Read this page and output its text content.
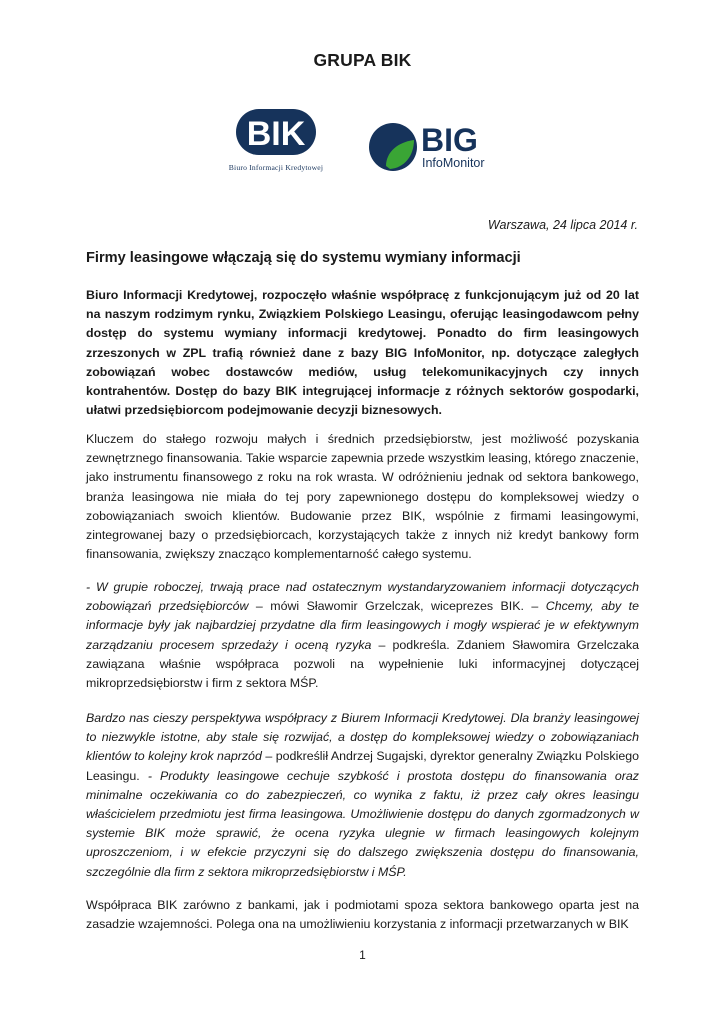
GRUPA BIK
BIK
Biuro Informacji Kredytowej
BIG
InfoMonitor
Warszawa, 24 lipca 2014 r.
Firmy leasingowe włączają się do systemu wymiany informacji

Biuro Informacji Kredytowej, rozpoczęło właśnie współpracę z funkcjonującym już od 20 lat na naszym rodzimym rynku, Związkiem Polskiego Leasingu, oferując leasingodawcom pełny dostęp do systemu wymiany informacji kredytowej. Ponadto do firm leasingowych zrzeszonych w ZPL trafią również dane z bazy BIG InfoMonitor, np. dotyczące zaległych zobowiązań wobec dostawców mediów, usług telekomunikacyjnych czy innych kontrahentów. Dostęp do bazy BIK integrującej informacje z różnych sektorów gospodarki, ułatwi przedsiębiorcom podejmowanie decyzji biznesowych.

Kluczem do stałego rozwoju małych i średnich przedsiębiorstw, jest możliwość pozyskania zewnętrznego finansowania. Takie wsparcie zapewnia przede wszystkim leasing, którego znaczenie, jako instrumentu finansowego z roku na rok wrasta. W odróżnieniu jednak od sektora bankowego, branża leasingowa nie miała do tej pory zapewnionego dostępu do kompleksowej wiedzy o zobowiązaniach swoich klientów. Budowanie przez BIK, wspólnie z firmami leasingowymi, zintegrowanej bazy o przedsiębiorcach, korzystających także z innych niż kredyt bankowy form finansowania, zwiększy znacząco komplementarność całego systemu.

- W grupie roboczej, trwają prace nad ostatecznym wystandaryzowaniem informacji dotyczących zobowiązań przedsiębiorców – mówi Sławomir Grzelczak, wiceprezes BIK. – Chcemy, aby te informacje były jak najbardziej przydatne dla firm leasingowych i mogły wspierać je w efektywnym zarządzaniu procesem sprzedaży i oceną ryzyka – podkreśla. Zdaniem Sławomira Grzelczaka zawiązana właśnie współpraca pozwoli na wypełnienie luki informacyjnej dotyczącej mikroprzedsiębiorstw i firm z sektora MŚP.

Bardzo nas cieszy perspektywa współpracy z Biurem Informacji Kredytowej. Dla branży leasingowej to niezwykle istotne, aby stale się rozwijać, a dostęp do kompleksowej wiedzy o zobowiązaniach klientów to kolejny krok naprzód – podkreślił Andrzej Sugajski, dyrektor generalny Związku Polskiego Leasingu. - Produkty leasingowe cechuje szybkość i prostota dostępu do finansowania oraz minimalne oczekiwania co do zabezpieczeń, co wynika z faktu, iż przez cały okres leasingu właścicielem przedmiotu jest firma leasingowa. Umożliwienie dostępu do danych zgormadzonych w systemie BIK może sprawić, że ocena ryzyka ulegnie w firmach leasingowych kolejnym uproszczeniom, i w efekcie przyczyni się do dalszego zwiększenia dostępu do finansowania, szczególnie dla firm z sektora mikroprzedsiębiorstw i MŚP.

Współpraca BIK zarówno z bankami, jak i podmiotami spoza sektora bankowego oparta jest na zasadzie wzajemności. Polega ona na umożliwieniu korzystania z informacji przetwarzanych w BIK

1
